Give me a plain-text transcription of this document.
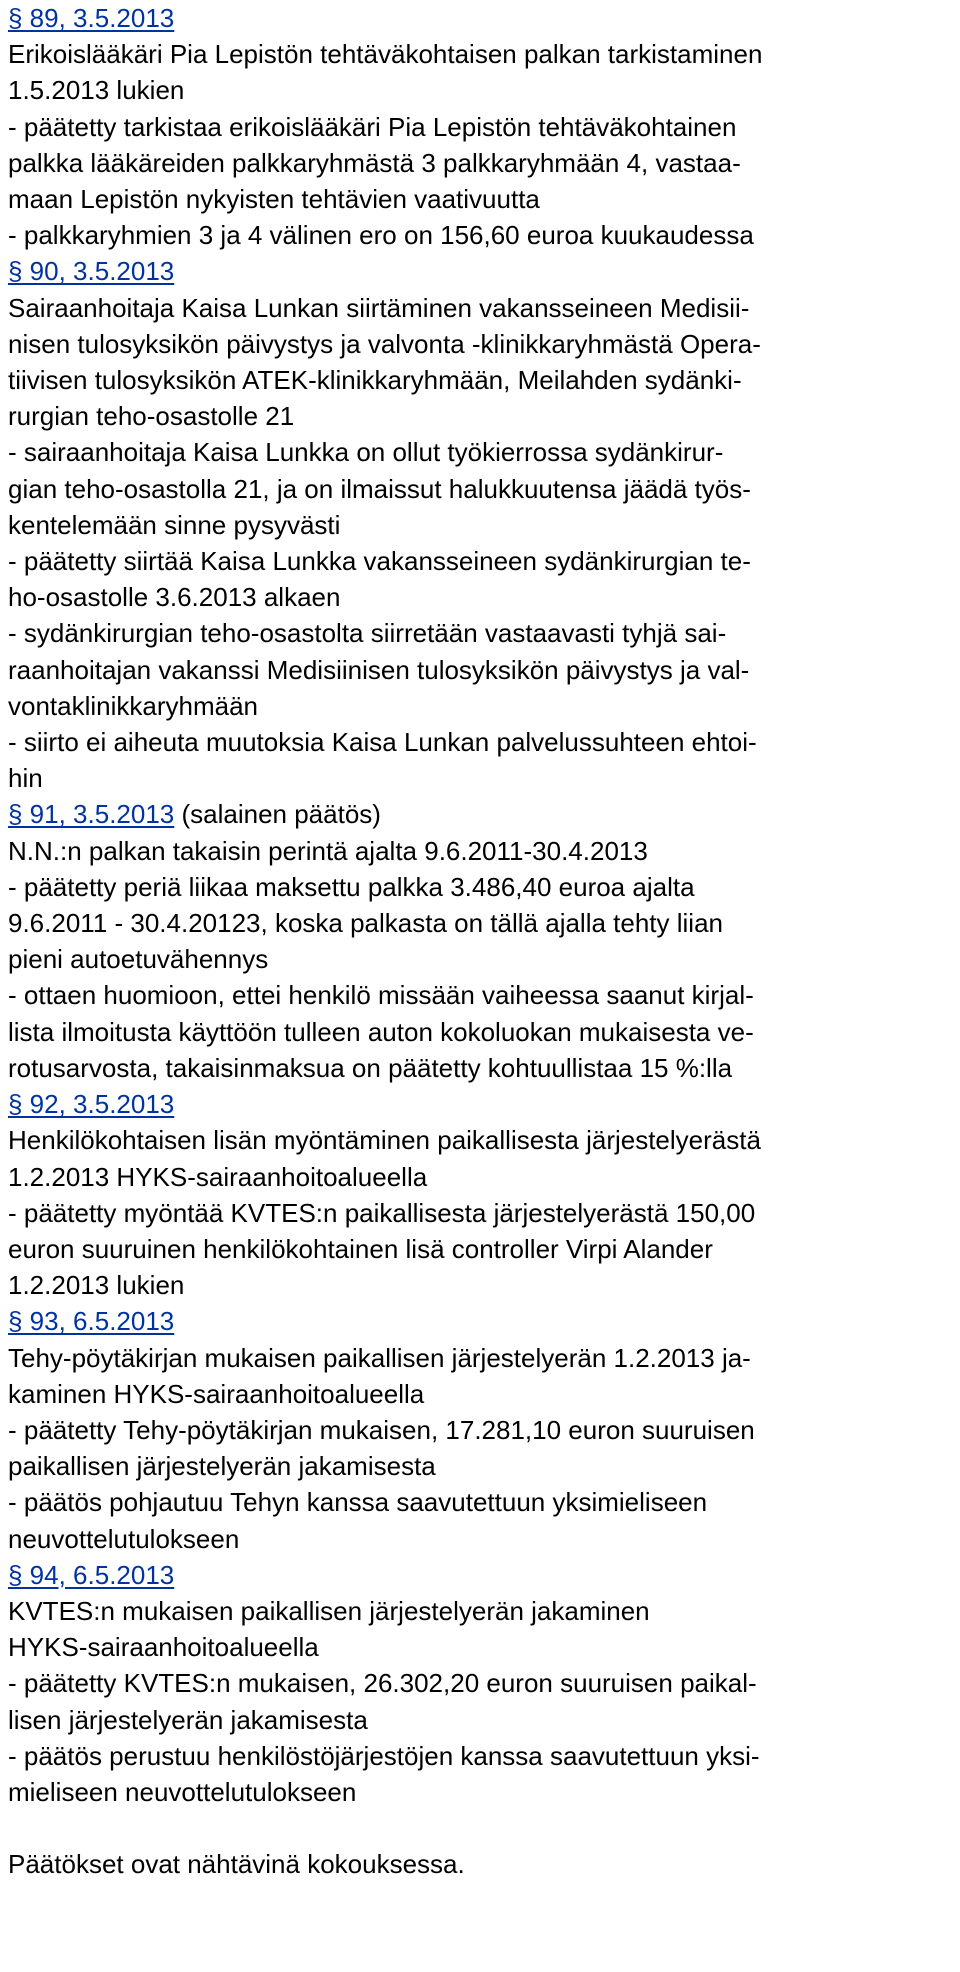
§ 89, 3.5.2013
Erikoislääkäri Pia Lepistön tehtäväkohtaisen palkan tarkistaminen
1.5.2013 lukien
- päätetty tarkistaa erikoislääkäri Pia Lepistön tehtäväkohtainen
palkka lääkäreiden palkkaryhmästä 3 palkkaryhmään 4, vastaa-
maan Lepistön nykyisten tehtävien vaativuutta
- palkkaryhmien 3 ja 4 välinen ero on 156,60 euroa kuukaudessa
§ 90, 3.5.2013
Sairaanhoitaja Kaisa Lunkan siirtäminen vakansseineen Medisii-
nisen tulosyksikön päivystys ja valvonta -klinikkaryhmästä Opera-
tiivisen tulosyksikön ATEK-klinikkaryhmään, Meilahden sydänki-
rurgian teho-osastolle 21
- sairaanhoitaja Kaisa Lunkka on ollut työkierrossa sydänkirur-
gian teho-osastolla 21, ja on ilmaissut halukkuutensa jäädä työs-
kentelemään sinne pysyvästi
- päätetty siirtää Kaisa Lunkka vakansseineen sydänkirurgian te-
ho-osastolle 3.6.2013 alkaen
- sydänkirurgian teho-osastolta siirretään vastaavasti tyhjä sai-
raanhoitajan vakanssi Medisiinisen tulosyksikön päivystys ja val-
vontaklinikkaryhmään
- siirto ei aiheuta muutoksia Kaisa Lunkan palvelussuhteen ehtoi-
hin
§ 91, 3.5.2013 (salainen päätös)
N.N.:n palkan takaisin perintä ajalta 9.6.2011-30.4.2013
- päätetty periä liikaa maksettu palkka 3.486,40 euroa ajalta
9.6.2011 - 30.4.20123, koska palkasta on tällä ajalla tehty liian
pieni autoetuvähennys
- ottaen huomioon, ettei henkilö missään vaiheessa saanut kirjal-
lista ilmoitusta käyttöön tulleen auton kokoluokan mukaisesta ve-
rotusarvosta, takaisinmaksua on päätetty kohtuullistaa 15 %:lla
§ 92, 3.5.2013
Henkilökohtaisen lisän myöntäminen paikallisesta järjestelyerästä
1.2.2013 HYKS-sairaanhoitoalueella
- päätetty myöntää KVTES:n paikallisesta järjestelyerästä 150,00
euron suuruinen henkilökohtainen lisä controller Virpi Alander
1.2.2013 lukien
§ 93, 6.5.2013
Tehy-pöytäkirjan mukaisen paikallisen järjestelyerän 1.2.2013 ja-
kaminen HYKS-sairaanhoitoalueella
- päätetty Tehy-pöytäkirjan mukaisen, 17.281,10 euron suuruisen
paikallisen järjestelyerän jakamisesta
- päätös pohjautuu Tehyn kanssa saavutettuun yksimieliseen
neuvottelutulokseen
§ 94, 6.5.2013
KVTES:n mukaisen paikallisen järjestelyerän jakaminen
HYKS-sairaanhoitoalueella
- päätetty KVTES:n mukaisen, 26.302,20 euron suuruisen paikal-
lisen järjestelyerän jakamisesta
- päätös perustuu henkilöstöjärjestöjen kanssa saavutettuun yksi-
mieliseen neuvottelutulokseen
Päätökset ovat nähtävinä kokouksessa.
